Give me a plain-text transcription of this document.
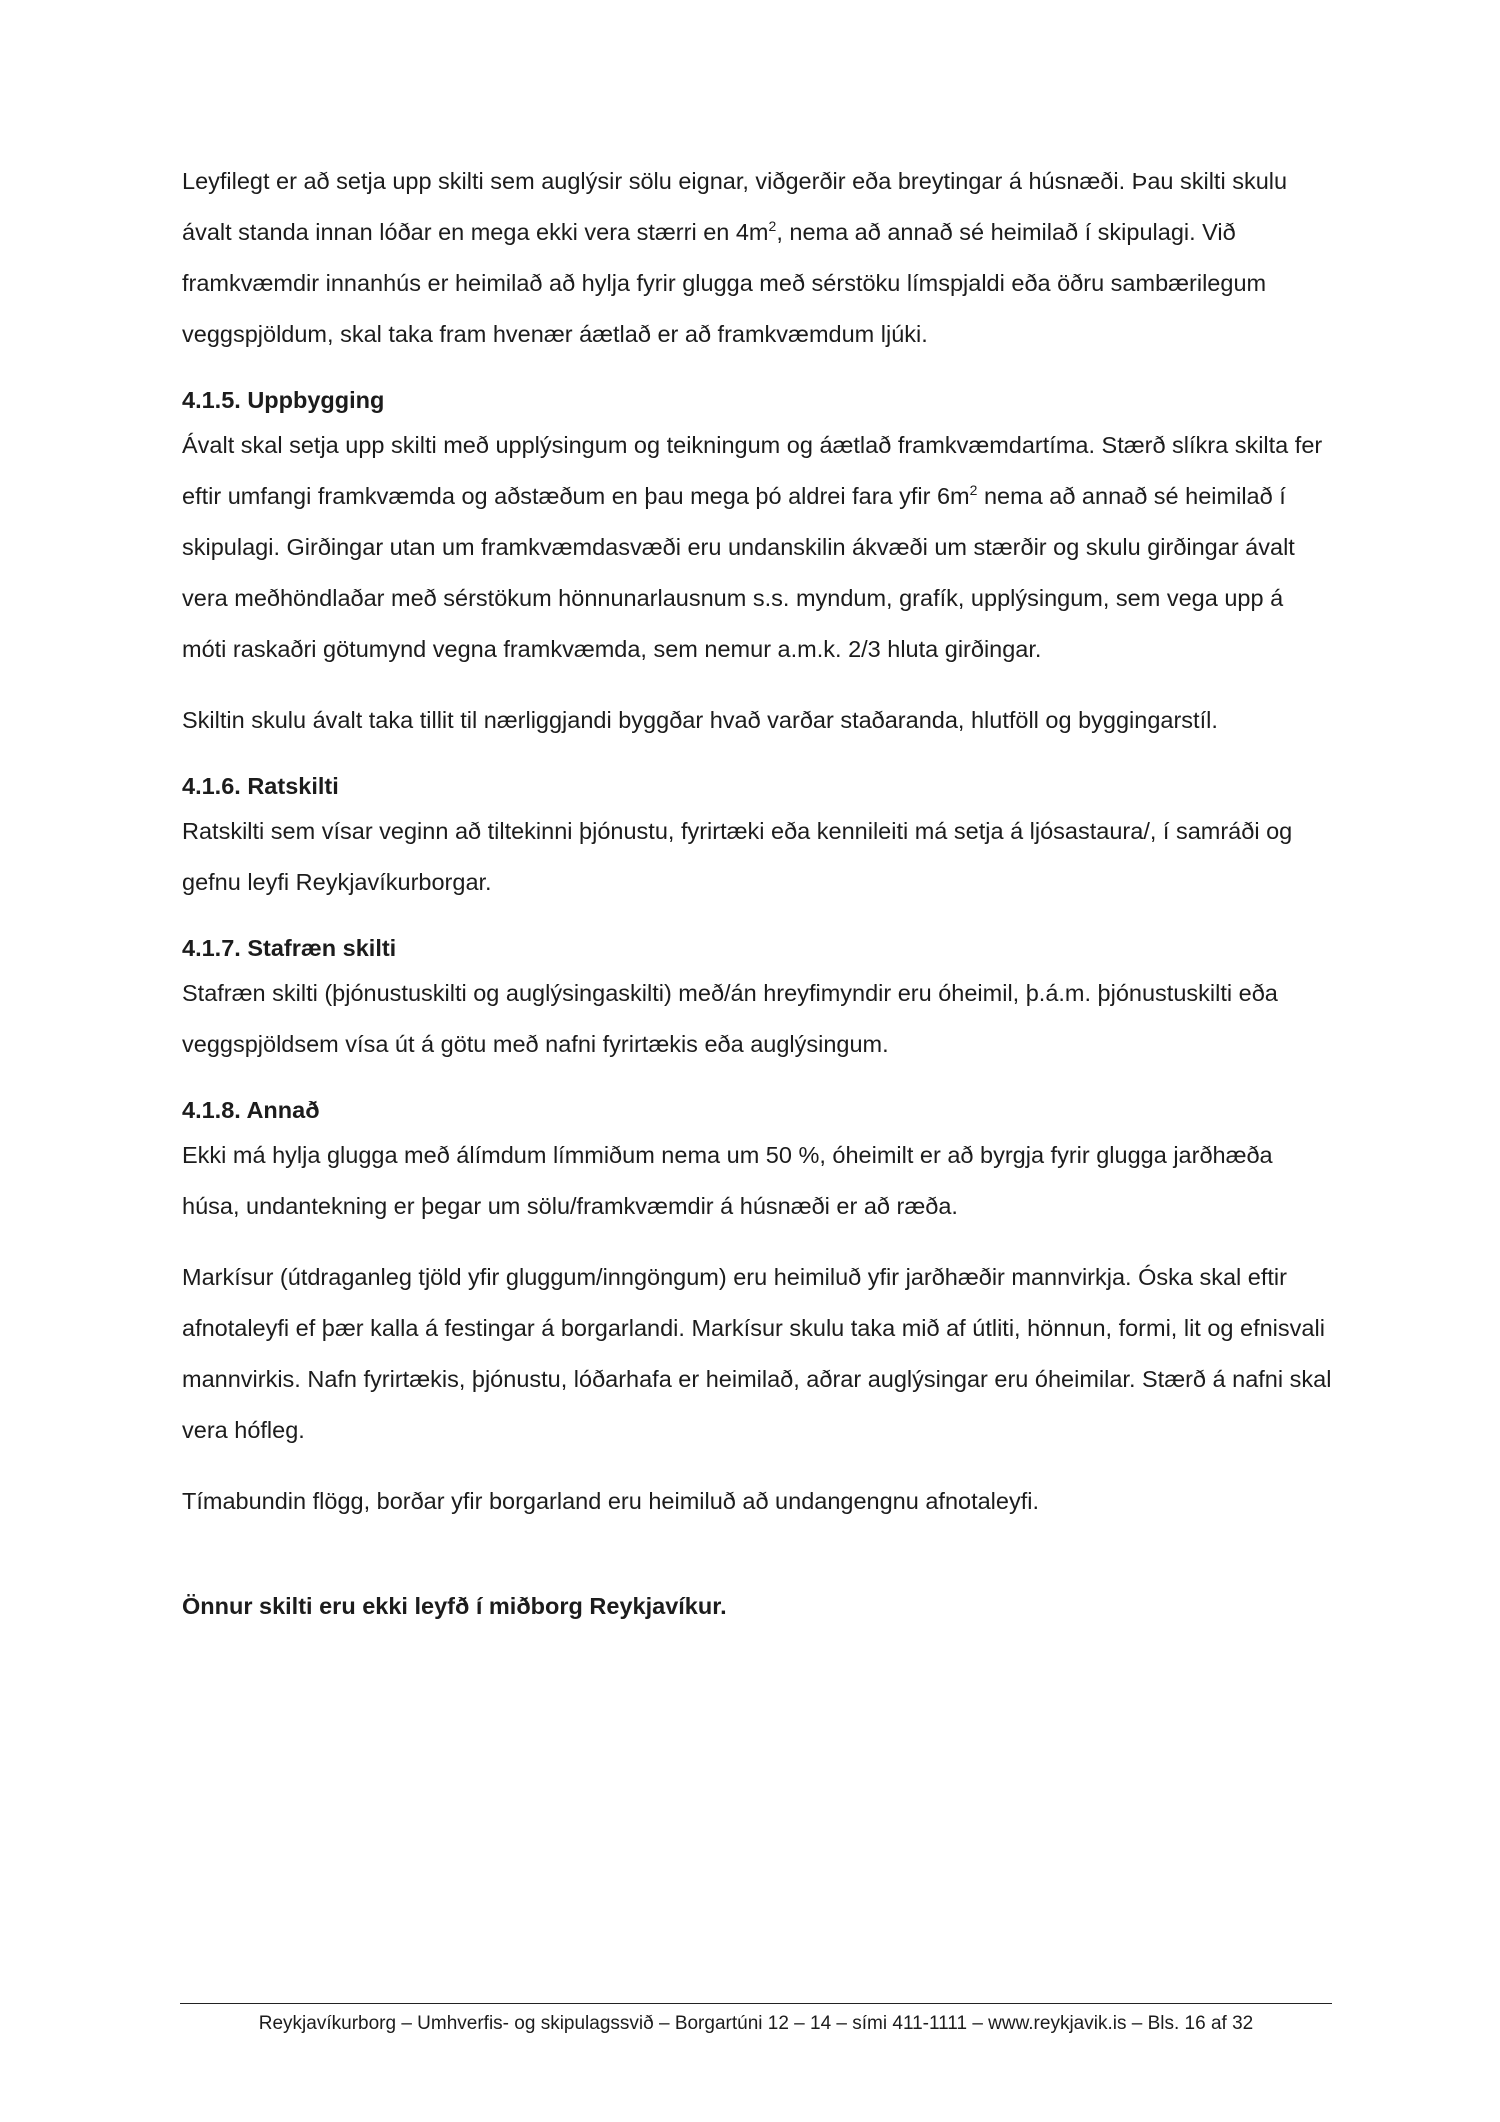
Leyfilegt er að setja upp skilti sem auglýsir sölu eignar, viðgerðir eða breytingar á húsnæði. Þau skilti skulu ávalt standa innan lóðar en mega ekki vera stærri en $4m^2$, nema að annað sé heimilað í skipulagi. Við framkvæmdir innanhús er heimilað að hylja fyrir glugga með sérstöku límspjaldi eða öðru sambærilegum veggspjöldum, skal taka fram hvenær áætlað er að framkvæmdum ljúki.

4.1.5. Uppbygging

Ávalt skal setja upp skilti með upplýsingum og teikningum og áætlað framkvæmdartíma. Stærð slíkra skilta fer eftir umfangi framkvæmda og aðstæðum en þau mega þó aldrei fara yfir $6m^2$ nema að annað sé heimilað í skipulagi. Girðingar utan um framkvæmdasvæði eru undanskilin ákvæði um stærðir og skulu girðingar ávalt vera meðhöndlaðar með sérstökum hönnunarlausnum s.s. myndum, grafík, upplýsingum, sem vega upp á móti raskaðri götumynd vegna framkvæmda, sem nemur a.m.k. 2/3 hluta girðingar.

Skiltin skulu ávalt taka tillit til nærliggjandi byggðar hvað varðar staðaranda, hlutföll og byggingarstíl.

4.1.6. Ratskilti

Ratskilti sem vísar veginn að tiltekinni þjónustu, fyrirtæki eða kennileiti má setja á ljósastaura/, í samráði og gefnu leyfi Reykjavíkurborgar.

4.1.7. Stafræn skilti

Stafræn skilti (þjónustuskilti og auglýsingaskilti) með/án hreyfimyndir eru óheimil, þ.á.m. þjónustuskilti eða veggspjöldsem vísa út á götu með nafni fyrirtækis eða auglýsingum.

4.1.8. Annað

Ekki má hylja glugga með álímdum límmiðum nema um 50 %, óheimilt er að byrgja fyrir glugga jarðhæða húsa, undantekning er þegar um sölu/framkvæmdir á húsnæði er að ræða.

Markísur (útdraganleg tjöld yfir gluggum/inngöngum) eru heimiluð yfir jarðhæðir mannvirkja. Óska skal eftir afnotaleyfi ef þær kalla á festingar á borgarlandi. Markísur skulu taka mið af útliti, hönnun, formi, lit og efnisvali mannvirkis. Nafn fyrirtækis, þjónustu, lóðarhafa er heimilað, aðrar auglýsingar eru óheimilar. Stærð á nafni skal vera hófleg.

Tímabundin flögg, borðar yfir borgarland eru heimiluð að undangengnu afnotaleyfi.

Önnur skilti eru ekki leyfð í miðborg Reykjavíkur.

Reykjavíkurborg – Umhverfis- og skipulagssvið – Borgartúni 12 – 14 – sími 411-1111 – www.reykjavik.is – Bls. 16 af 32
